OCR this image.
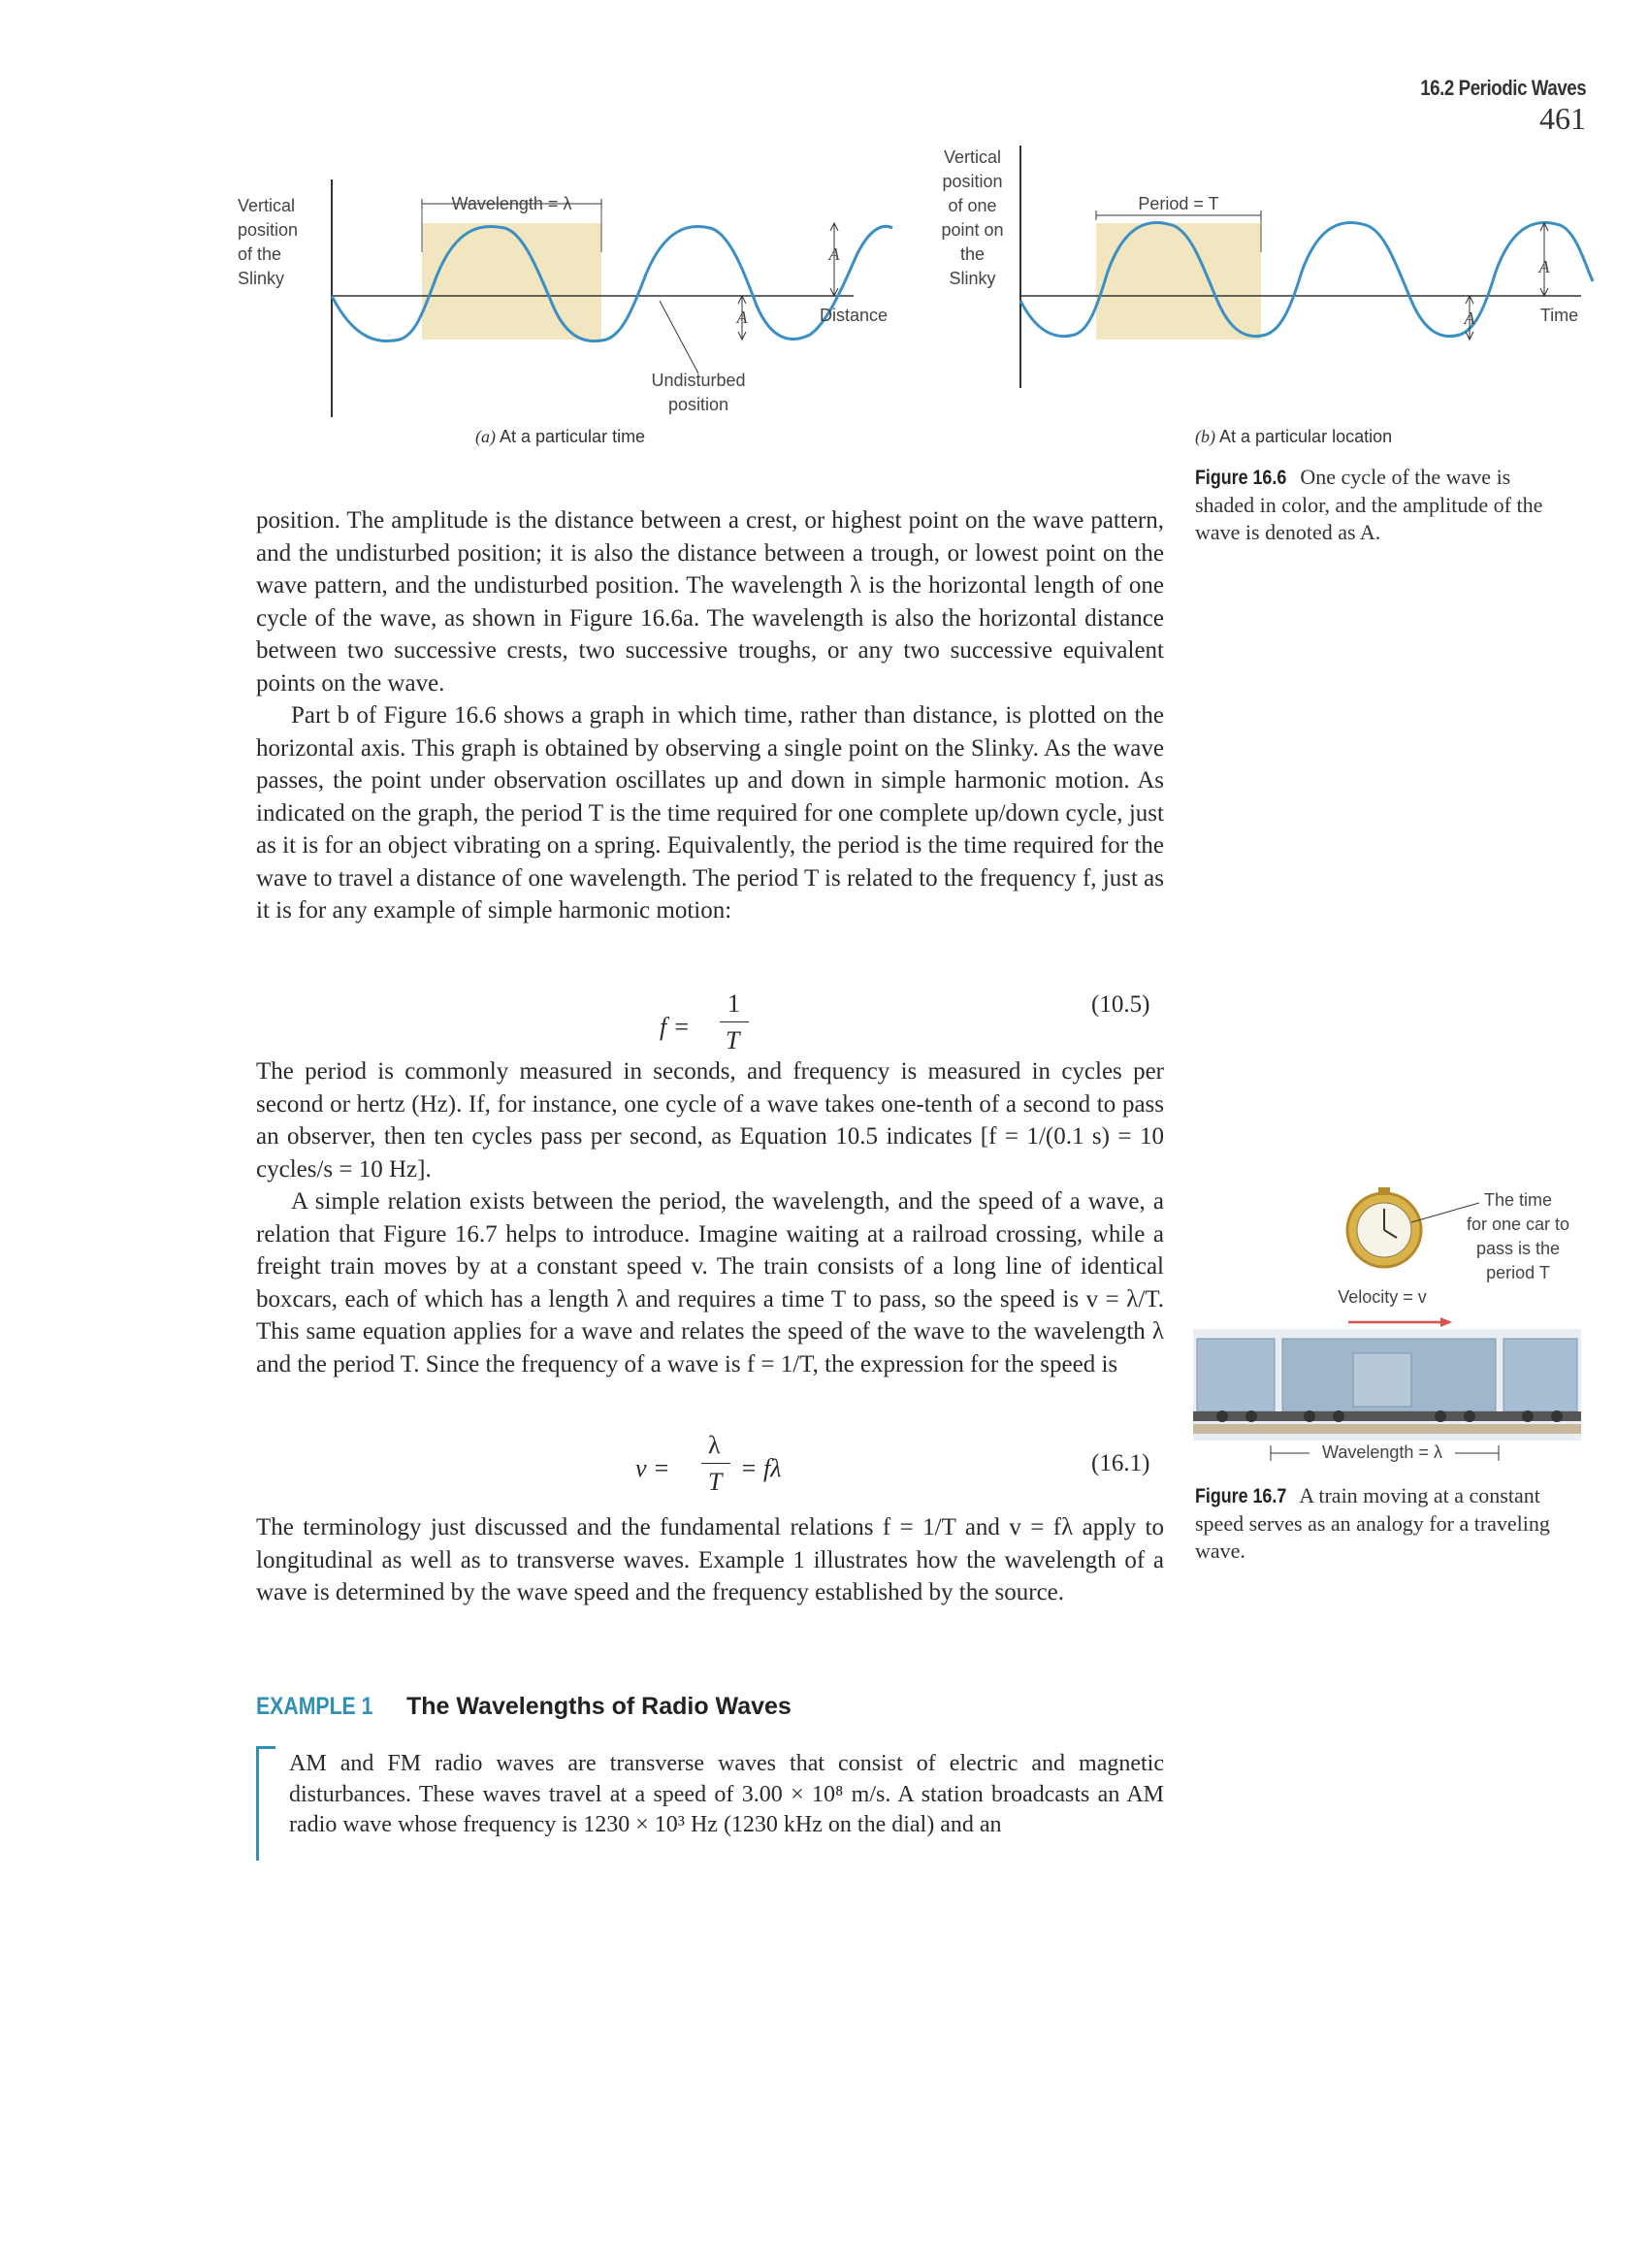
16.2 Periodic Waves 461
Vertical
position
of the
Slinky
Wavelength = λ
A
A	Distance
Undisturbed
position
(a) At a particular time
Vertical
position
of one
point on
the
Slinky
Period = T
A
A	Time
(b) At a particular location
Figure 16.6 One cycle of the wave is shaded in color, and the amplitude of the wave is denoted as A.

position. The amplitude is the distance between a crest, or highest point on the wave pattern, and the undisturbed position; it is also the distance between a trough, or lowest point on the wave pattern, and the undisturbed position. The wavelength λ is the horizontal length of one cycle of the wave, as shown in Figure 16.6a. The wavelength is also the horizontal distance between two successive crests, two successive troughs, or any two successive equivalent points on the wave.

Part b of Figure 16.6 shows a graph in which time, rather than distance, is plotted on the horizontal axis. This graph is obtained by observing a single point on the Slinky. As the wave passes, the point under observation oscillates up and down in simple harmonic motion. As indicated on the graph, the period T is the time required for one complete up/down cycle, just as it is for an object vibrating on a spring. Equivalently, the period is the time required for the wave to travel a distance of one wavelength. The period T is related to the frequency f, just as it is for any example of simple harmonic motion:

f =
1
T
(10.5)

The period is commonly measured in seconds, and frequency is measured in cycles per second or hertz (Hz). If, for instance, one cycle of a wave takes one-tenth of a second to pass an observer, then ten cycles pass per second, as Equation 10.5 indicates [f = 1/(0.1 s) = 10 cycles/s = 10 Hz].

A simple relation exists between the period, the wavelength, and the speed of a wave, a relation that Figure 16.7 helps to introduce. Imagine waiting at a railroad crossing, while a freight train moves by at a constant speed v. The train consists of a long line of identical boxcars, each of which has a length λ and requires a time T to pass, so the speed is v = λ/T. This same equation applies for a wave and relates the speed of the wave to the wavelength λ and the period T. Since the frequency of a wave is f = 1/T, the expression for the speed is

v =
λ
T = fλ	(16.1)

The terminology just discussed and the fundamental relations f = 1/T and v = fλ apply to longitudinal as well as to transverse waves. Example 1 illustrates how the wavelength of a wave is determined by the wave speed and the frequency established by the source.

The time
for one car to
pass is the
period T
Velocity = v
Wavelength = λ
Figure 16.7 A train moving at a constant speed serves as an analogy for a traveling wave.
EXAMPLE 1 The Wavelengths of Radio Waves
AM and FM radio waves are transverse waves that consist of electric and magnetic disturbances. These waves travel at a speed of 3.00 × 10⁸ m/s. A station broadcasts an AM radio wave whose frequency is 1230 × 10³ Hz (1230 kHz on the dial) and an
